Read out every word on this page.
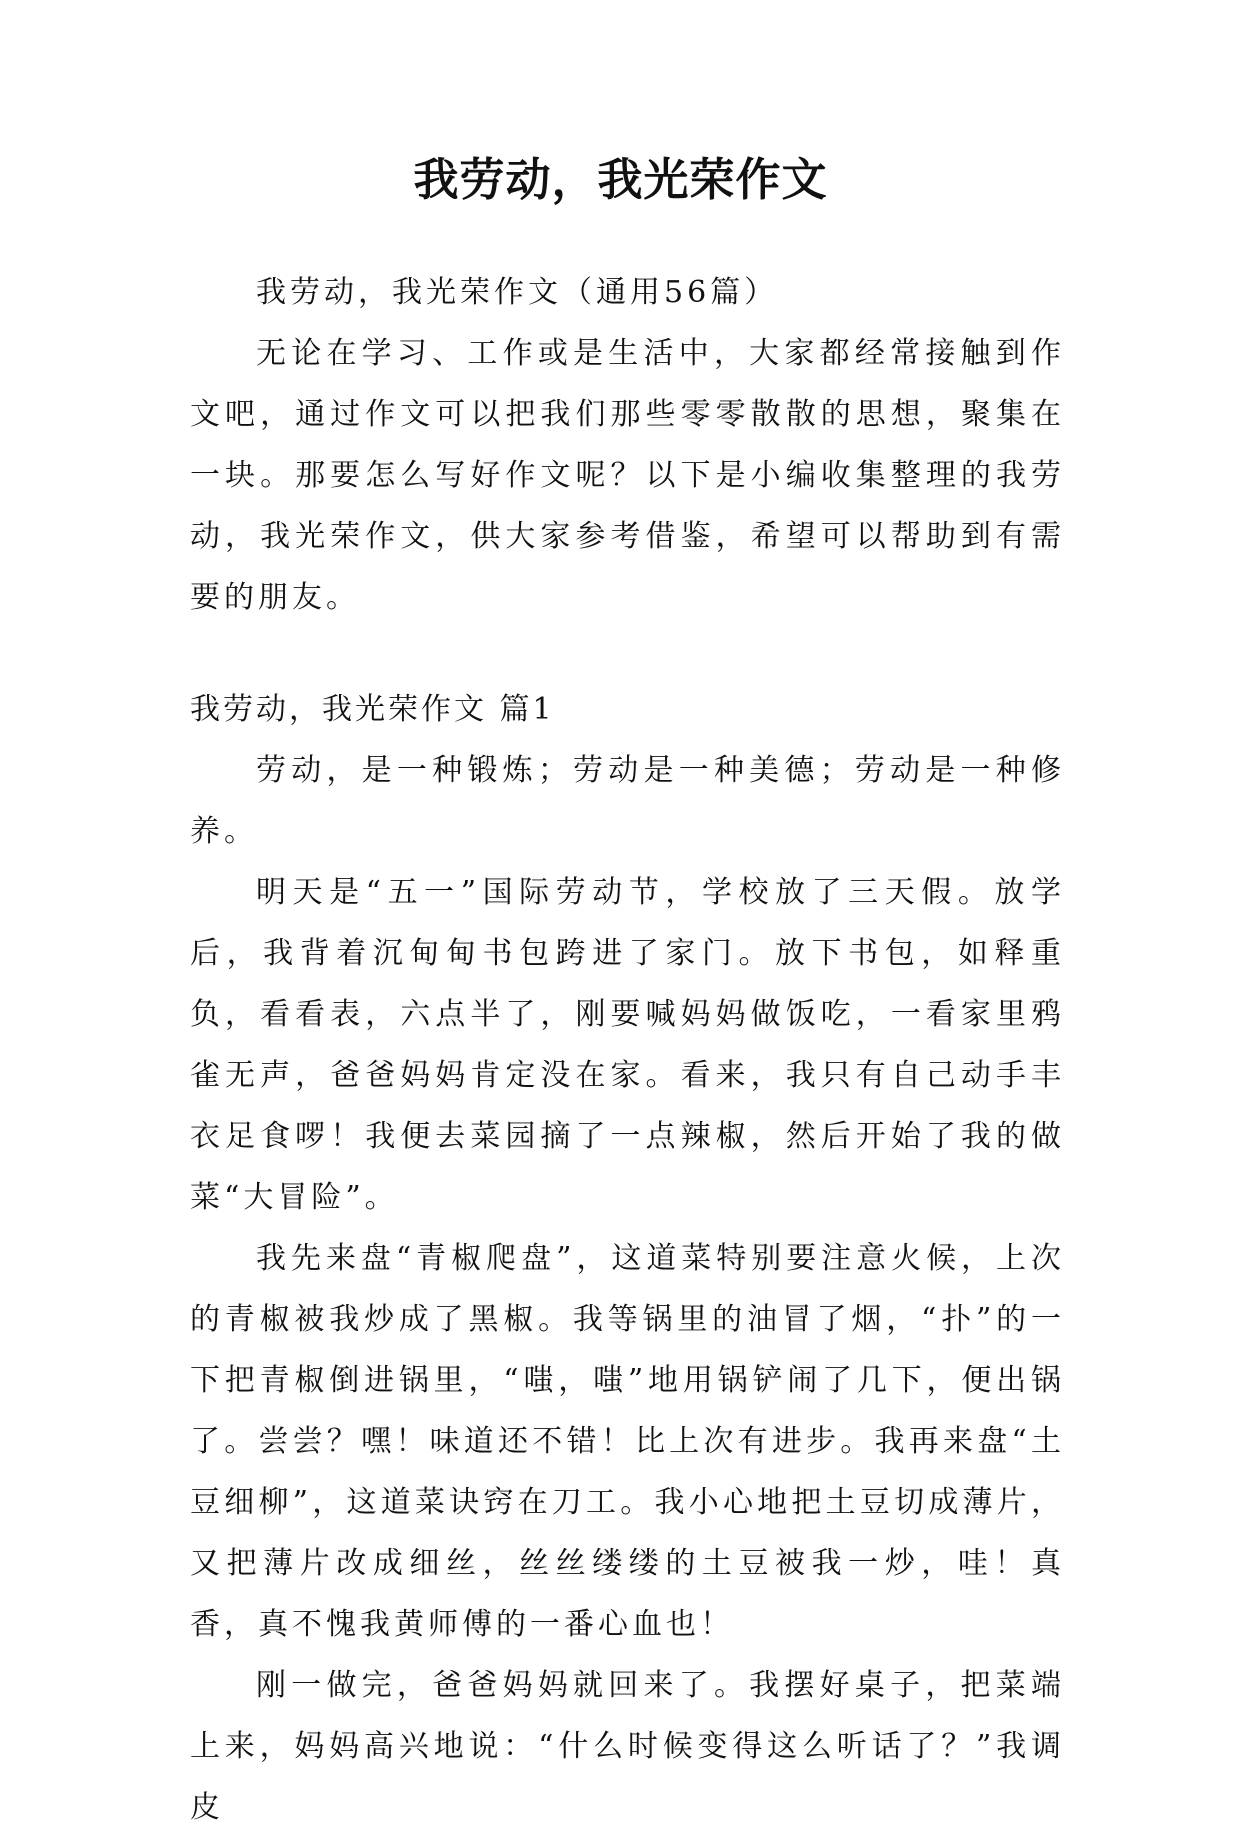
我劳动，我光荣作文

我劳动，我光荣作文（通用56篇）

无论在学习、工作或是生活中，大家都经常接触到作文吧，通过作文可以把我们那些零零散散的思想，聚集在一块。那要怎么写好作文呢？以下是小编收集整理的我劳动，我光荣作文，供大家参考借鉴，希望可以帮助到有需要的朋友。

我劳动，我光荣作文 篇1

劳动，是一种锻炼；劳动是一种美德；劳动是一种修养。

明天是“五一”国际劳动节，学校放了三天假。放学后，我背着沉甸甸书包跨进了家门。放下书包，如释重负，看看表，六点半了，刚要喊妈妈做饭吃，一看家里鸦雀无声，爸爸妈妈肯定没在家。看来，我只有自己动手丰衣足食啰！我便去菜园摘了一点辣椒，然后开始了我的做菜“大冒险”。

我先来盘“青椒爬盘”，这道菜特别要注意火候，上次的青椒被我炒成了黑椒。我等锅里的油冒了烟，“扑”的一下把青椒倒进锅里，“嗤，嗤”地用锅铲闹了几下，便出锅了。尝尝？嘿！味道还不错！比上次有进步。我再来盘“土豆细柳”，这道菜诀窍在刀工。我小心地把土豆切成薄片，又把薄片改成细丝，丝丝缕缕的土豆被我一炒，哇！真香，真不愧我黄师傅的一番心血也！

刚一做完，爸爸妈妈就回来了。我摆好桌子，把菜端上来，妈妈高兴地说：“什么时候变得这么听话了？”我调皮
